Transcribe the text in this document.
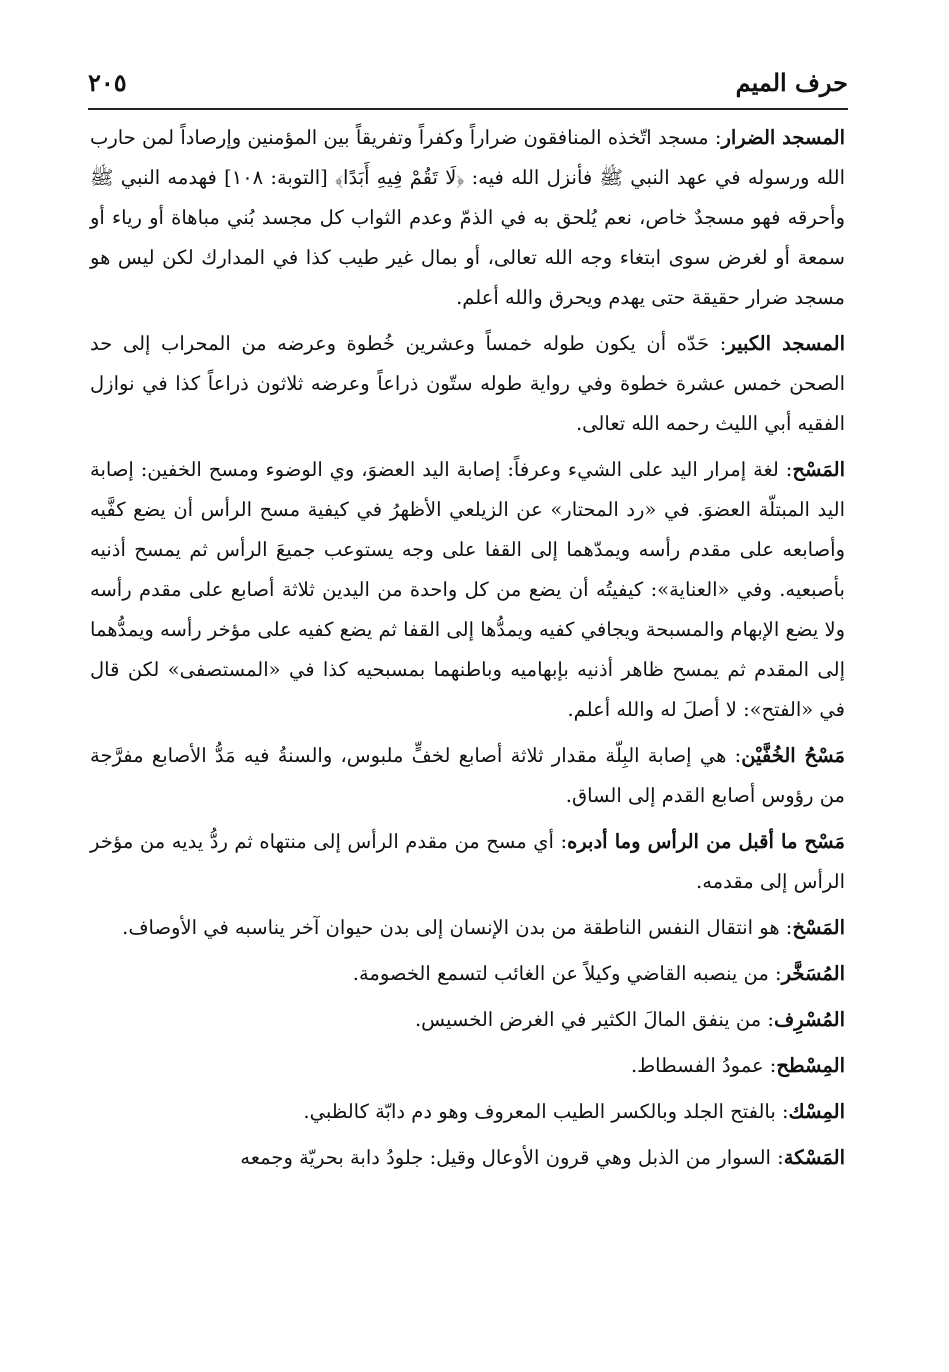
حرف الميم
٢٠٥

المسجد الضرار: مسجد اتّخذه المنافقون ضراراً وكفراً وتفريقاً بين المؤمنين وإرصاداً لمن حارب الله ورسوله في عهد النبي ﷺ فأنزل الله فيه: ﴿لَا تَقُمْ فِيهِ أَبَدًا﴾ [التوبة: ١٠٨] فهدمه النبي ﷺ وأحرقه فهو مسجدٌ خاص، نعم يُلحق به في الذمّ وعدم الثواب كل مجسد بُني مباهاة أو رياء أو سمعة أو لغرض سوى ابتغاء وجه الله تعالى، أو بمال غير طيب كذا في المدارك لكن ليس هو مسجد ضرار حقيقة حتى يهدم ويحرق والله أعلم.

المسجد الكبير: حَدّه أن يكون طوله خمساً وعشرين خُطوة وعرضه من المحراب إلى حد الصحن خمس عشرة خطوة وفي رواية طوله ستّون ذراعاً وعرضه ثلاثون ذراعاً كذا في نوازل الفقيه أبي الليث رحمه الله تعالى.

المَسْح: لغة إمرار اليد على الشيء وعرفاً: إصابة اليد العضوَ، وي الوضوء ومسح الخفين: إصابة اليد المبتلّة العضوَ. في «رد المحتار» عن الزيلعي الأظهرُ في كيفية مسح الرأس أن يضع كفَّيه وأصابعه على مقدم رأسه ويمدّهما إلى القفا على وجه يستوعب جميعَ الرأس ثم يمسح أذنيه بأصبعيه. وفي «العناية»: كيفيتُه أن يضع من كل واحدة من اليدين ثلاثة أصابع على مقدم رأسه ولا يضع الإبهام والمسبحة ويجافي كفيه ويمدُّها إلى القفا ثم يضع كفيه على مؤخر رأسه ويمدُّهما إلى المقدم ثم يمسح ظاهر أذنيه بإبهاميه وباطنهما بمسبحيه كذا في «المستصفى» لكن قال في «الفتح»: لا أصلَ له والله أعلم.

مَسْحُ الخُفَّيْن: هي إصابة البِلّة مقدار ثلاثة أصابع لخفٍّ ملبوس، والسنةُ فيه مَدُّ الأصابع مفرَّجة من رؤوس أصابع القدم إلى الساق.

مَسْح ما أقبل من الرأس وما أدبره: أي مسح من مقدم الرأس إلى منتهاه ثم ردُّ يديه من مؤخر الرأس إلى مقدمه.

المَسْخ: هو انتقال النفس الناطقة من بدن الإنسان إلى بدن حيوان آخر يناسبه في الأوصاف.

المُسَخَّر: من ينصبه القاضي وكيلاً عن الغائب لتسمع الخصومة.

المُسْرِف: من ينفق المالَ الكثير في الغرض الخسيس.

المِسْطح: عمودُ الفسطاط.

المِسْك: بالفتح الجلد وبالكسر الطيب المعروف وهو دم دابّة كالظبي.

المَسْكة: السوار من الذبل وهي قرون الأوعال وقيل: جلودُ دابة بحريّة وجمعه
